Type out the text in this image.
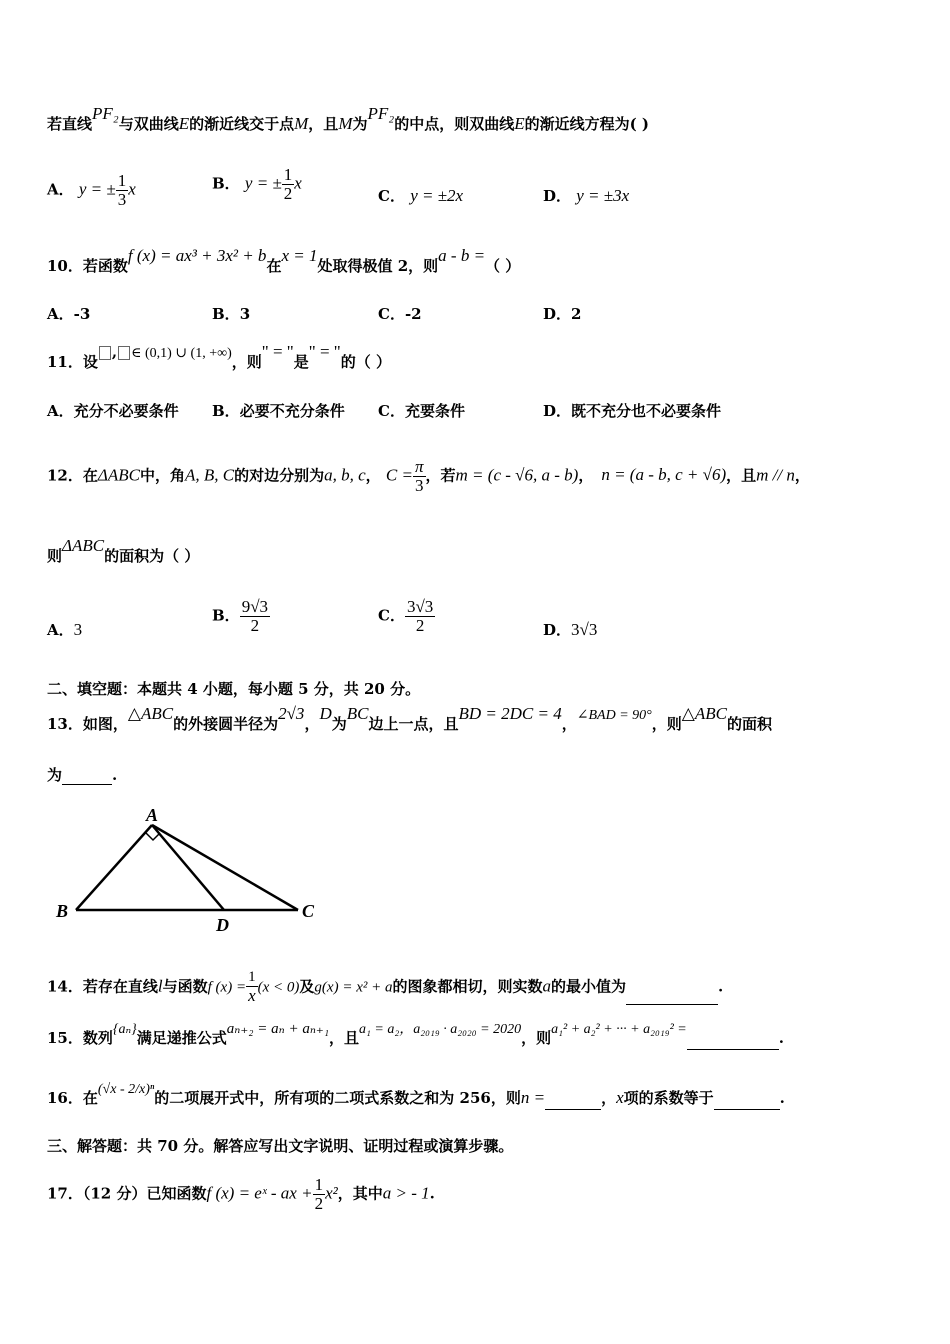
若直线PF₂与双曲线E的渐近线交于点M，且M为PF₂的中点，则双曲线E的渐近线方程为( )
A． y = ± $\frac{1}{3}$ x	B． y = ± $\frac{1}{2}$ x
C． y = ±2x	D． y = ±3x
10．若函数f (x) = ax³ + 3x² + b在x = 1处取得极值 2，则a - b =（ ）
A．-3	B．3	C．-2	D．2
11．设, ∈ (0,1) ∪ (1, +∞)，则" = "是" = "的（ ）
A．充分不必要条件 B．必要不充分条件 C．充要条件	D．既不充分也不必要条件
12．在ΔABC中，角A, B, C的对边分别为a, b, c， $C = \frac{\pi}{3}$ ，若m = (c - √6, a - b)， n = (a - b, c + √6)，且m // n，
则ΔABC的面积为（ ）
A．3
B． $\frac{9√3}{2}$	C． $\frac{3√3}{2}$	D．3√3
二、填空题：本题共 4 小题，每小题 5 分，共 20 分。
13．如图，△ABC的外接圆半径为2√3，D为BC边上一点，且BD = 2DC = 4，∠BAD = 90°，则△ABC的面积
为	.
A
B	C
D
14．若存在直线l与函数f $(x) = \frac{1}{x} (x < 0)$及g(x) = x² + a的图象都相切，则实数a的最小值为	.
15．数列{aₙ}满足递推公式aₙ₊₂ = aₙ + aₙ₊₁，且a₁ = a₂，a₂₀₁₉ · a₂₀₂₀ = 2020，则a₁² + a₂² + ··· + a₂₀₁₉² =	.
16．在(√x - 2/x)ⁿ的二项展开式中，所有项的二项式系数之和为 256，则n =	，x项的系数等于	.
三、解答题：共 70 分。解答应写出文字说明、证明过程或演算步骤。
17．（12 分）已知函数f (x) = eˣ - ax + $\frac{1}{2} x^2$，其中a > - 1.
